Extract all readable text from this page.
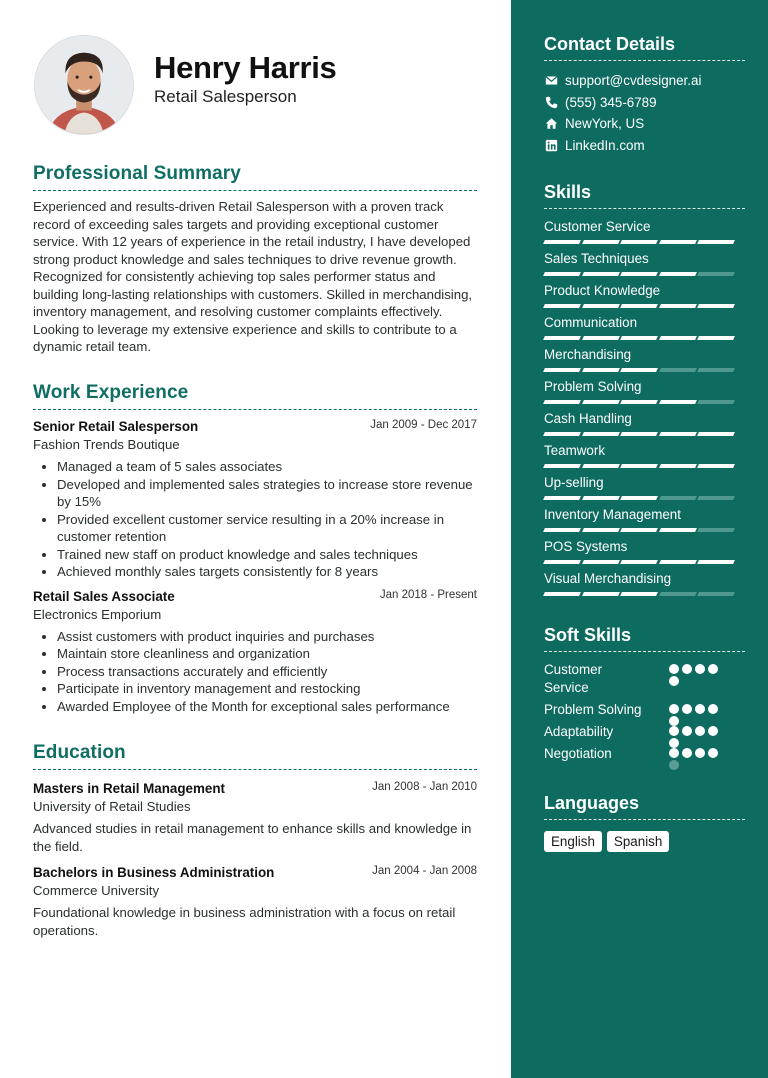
Henry Harris
Retail Salesperson
Professional Summary

Experienced and results-driven Retail Salesperson with a proven track record of exceeding sales targets and providing exceptional customer service. With 12 years of experience in the retail industry, I have developed strong product knowledge and sales techniques to drive revenue growth. Recognized for consistently achieving top sales performer status and building long-lasting relationships with customers. Skilled in merchandising, inventory management, and resolving customer complaints effectively. Looking to leverage my extensive experience and skills to contribute to a dynamic retail team.

Work Experience
Senior Retail Salesperson	Jan 2009 - Dec 2017
Fashion Trends Boutique
• Managed a team of 5 sales associates
• Developed and implemented sales strategies to increase store revenue by 15%
• Provided excellent customer service resulting in a 20% increase in customer retention
• Trained new staff on product knowledge and sales techniques
• Achieved monthly sales targets consistently for 8 years
Retail Sales Associate	Jan 2018 - Present
Electronics Emporium
• Assist customers with product inquiries and purchases
• Maintain store cleanliness and organization
• Process transactions accurately and efficiently
• Participate in inventory management and restocking
• Awarded Employee of the Month for exceptional sales performance
Education
Masters in Retail Management	Jan 2008 - Jan 2010
University of Retail Studies

Advanced studies in retail management to enhance skills and knowledge in the field.

Bachelors in Business Administration	Jan 2004 - Jan 2008
Commerce University

Foundational knowledge in business administration with a focus on retail operations.

Contact Details
support@cvdesigner.ai
(555) 345-6789
NewYork, US
LinkedIn.com
Skills
Customer Service
Sales Techniques
Product Knowledge
Communication
Merchandising
Problem Solving
Cash Handling
Teamwork
Up-selling
Inventory Management
POS Systems
Visual Merchandising
Soft Skills
Customer Service
Problem Solving
Adaptability
Negotiation
Languages
English	Spanish
